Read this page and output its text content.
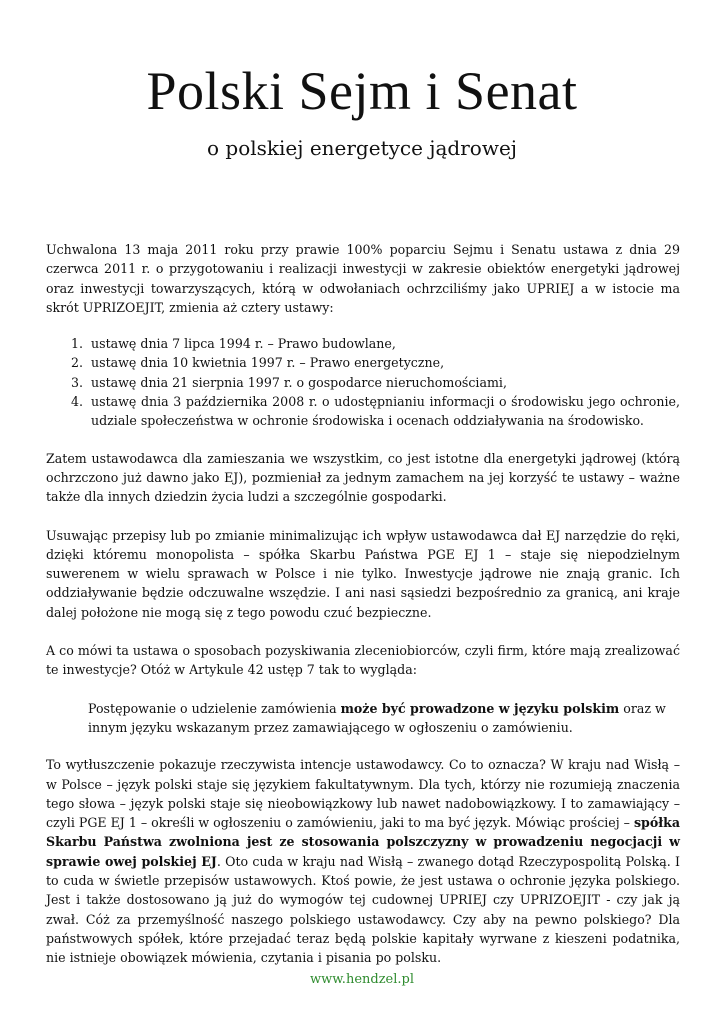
Polski Sejm i Senat
o polskiej energetyce jądrowej

Uchwalona 13 maja 2011 roku przy prawie 100% poparciu Sejmu i Senatu ustawa z dnia 29 czerwca 2011 r. o przygotowaniu i realizacji inwestycji w zakresie obiektów energetyki jądrowej oraz inwestycji towarzyszących, którą w odwołaniach ochrzciliśmy jako UPRIEJ a w istocie ma skrót UPRIZOEJIT, zmienia aż cztery ustawy:

1. ustawę dnia 7 lipca 1994 r. – Prawo budowlane,
2. ustawę dnia 10 kwietnia 1997 r. – Prawo energetyczne,
3. ustawę dnia 21 sierpnia 1997 r. o gospodarce nieruchomościami,
4. ustawę dnia 3 października 2008 r. o udostępnianiu informacji o środowisku jego ochronie, udziale społeczeństwa w ochronie środowiska i ocenach oddziaływania na środowisko.

Zatem ustawodawca dla zamieszania we wszystkim, co jest istotne dla energetyki jądrowej (którą ochrzczono już dawno jako EJ), pozmieniał za jednym zamachem na jej korzyść te ustawy – ważne także dla innych dziedzin życia ludzi a szczególnie gospodarki.

Usuwając przepisy lub po zmianie minimalizując ich wpływ ustawodawca dał EJ narzędzie do ręki, dzięki któremu monopolista – spółka Skarbu Państwa PGE EJ 1 – staje się niepodzielnym suwerenem w wielu sprawach w Polsce i nie tylko. Inwestycje jądrowe nie znają granic. Ich oddziaływanie będzie odczuwalne wszędzie. I ani nasi sąsiedzi bezpośrednio za granicą, ani kraje dalej położone nie mogą się z tego powodu czuć bezpieczne.

A co mówi ta ustawa o sposobach pozyskiwania zleceniobiorców, czyli firm, które mają zrealizować te inwestycje? Otóż w Artykule 42 ustęp 7 tak to wygląda:

Postępowanie o udzielenie zamówienia może być prowadzone w języku polskim oraz w innym języku wskazanym przez zamawiającego w ogłoszeniu o zamówieniu.

To wytłuszczenie pokazuje rzeczywista intencje ustawodawcy. Co to oznacza? W kraju nad Wisłą – w Polsce – język polski staje się językiem fakultatywnym. Dla tych, którzy nie rozumieją znaczenia tego słowa – język polski staje się nieobowiązkowy lub nawet nadobowiązkowy. I to zamawiający – czyli PGE EJ 1 – określi w ogłoszeniu o zamówieniu, jaki to ma być język. Mówiąc prościej – spółka Skarbu Państwa zwolniona jest ze stosowania polszczyzny w prowadzeniu negocjacji w sprawie owej polskiej EJ. Oto cuda w kraju nad Wisłą – zwanego dotąd Rzeczypospolitą Polską. I to cuda w świetle przepisów ustawowych. Ktoś powie, że jest ustawa o ochronie języka polskiego. Jest i także dostosowano ją już do wymogów tej cudownej UPRIEJ czy UPRIZOEJIT - czy jak ją zwał. Cóż za przemyślność naszego polskiego ustawodawcy. Czy aby na pewno polskiego? Dla państwowych spółek, które przejadać teraz będą polskie kapitały wyrwane z kieszeni podatnika, nie istnieje obowiązek mówienia, czytania i pisania po polsku.

www.hendzel.pl
